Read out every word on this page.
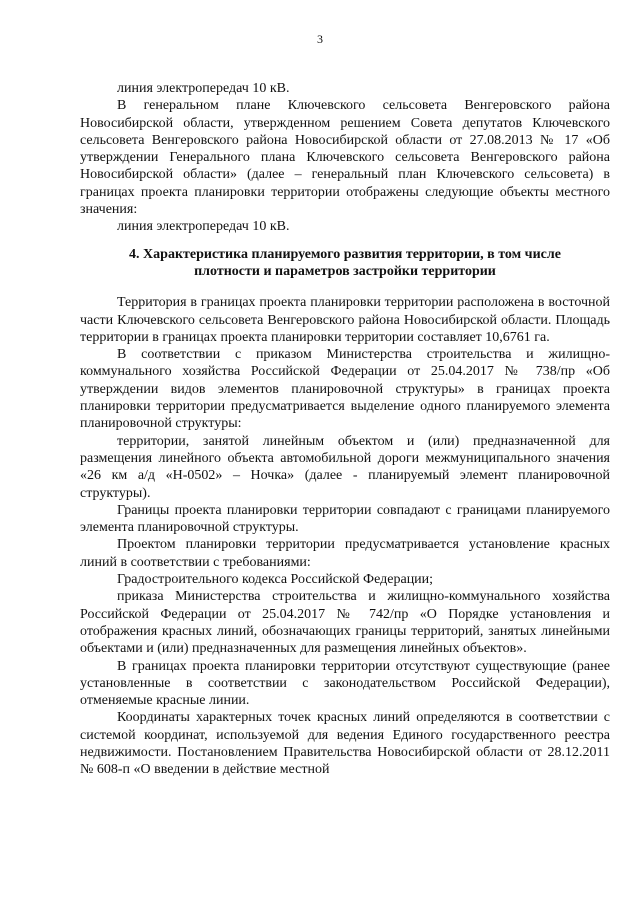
3

линия электропередач 10 кВ.

В генеральном плане Ключевского сельсовета Венгеровского района Новосибирской области, утвержденном решением Совета депутатов Ключевского сельсовета Венгеровского района Новосибирской области от 27.08.2013 № 17 «Об утверждении Генерального плана Ключевского сельсовета Венгеровского района Новосибирской области» (далее – генеральный план Ключевского сельсовета) в границах проекта планировки территории отображены следующие объекты местного значения:

линия электропередач 10 кВ.

4. Характеристика планируемого развития территории, в том числе плотности и параметров застройки территории

Территория в границах проекта планировки территории расположена в восточной части Ключевского сельсовета Венгеровского района Новосибирской области. Площадь территории в границах проекта планировки территории составляет 10,6761 га.

В соответствии с приказом Министерства строительства и жилищно-коммунального хозяйства Российской Федерации от 25.04.2017 № 738/пр «Об утверждении видов элементов планировочной структуры» в границах проекта планировки территории предусматривается выделение одного планируемого элемента планировочной структуры:

территории, занятой линейным объектом и (или) предназначенной для размещения линейного объекта автомобильной дороги межмуниципального значения «26 км а/д «Н-0502» – Ночка» (далее - планируемый элемент планировочной структуры).

Границы проекта планировки территории совпадают с границами планируемого элемента планировочной структуры.

Проектом планировки территории предусматривается установление красных линий в соответствии с требованиями:

Градостроительного кодекса Российской Федерации;

приказа Министерства строительства и жилищно-коммунального хозяйства Российской Федерации от 25.04.2017 № 742/пр «О Порядке установления и отображения красных линий, обозначающих границы территорий, занятых линейными объектами и (или) предназначенных для размещения линейных объектов».

В границах проекта планировки территории отсутствуют существующие (ранее установленные в соответствии с законодательством Российской Федерации), отменяемые красные линии.

Координаты характерных точек красных линий определяются в соответствии с системой координат, используемой для ведения Единого государственного реестра недвижимости. Постановлением Правительства Новосибирской области от 28.12.2011 № 608-п «О введении в действие местной
